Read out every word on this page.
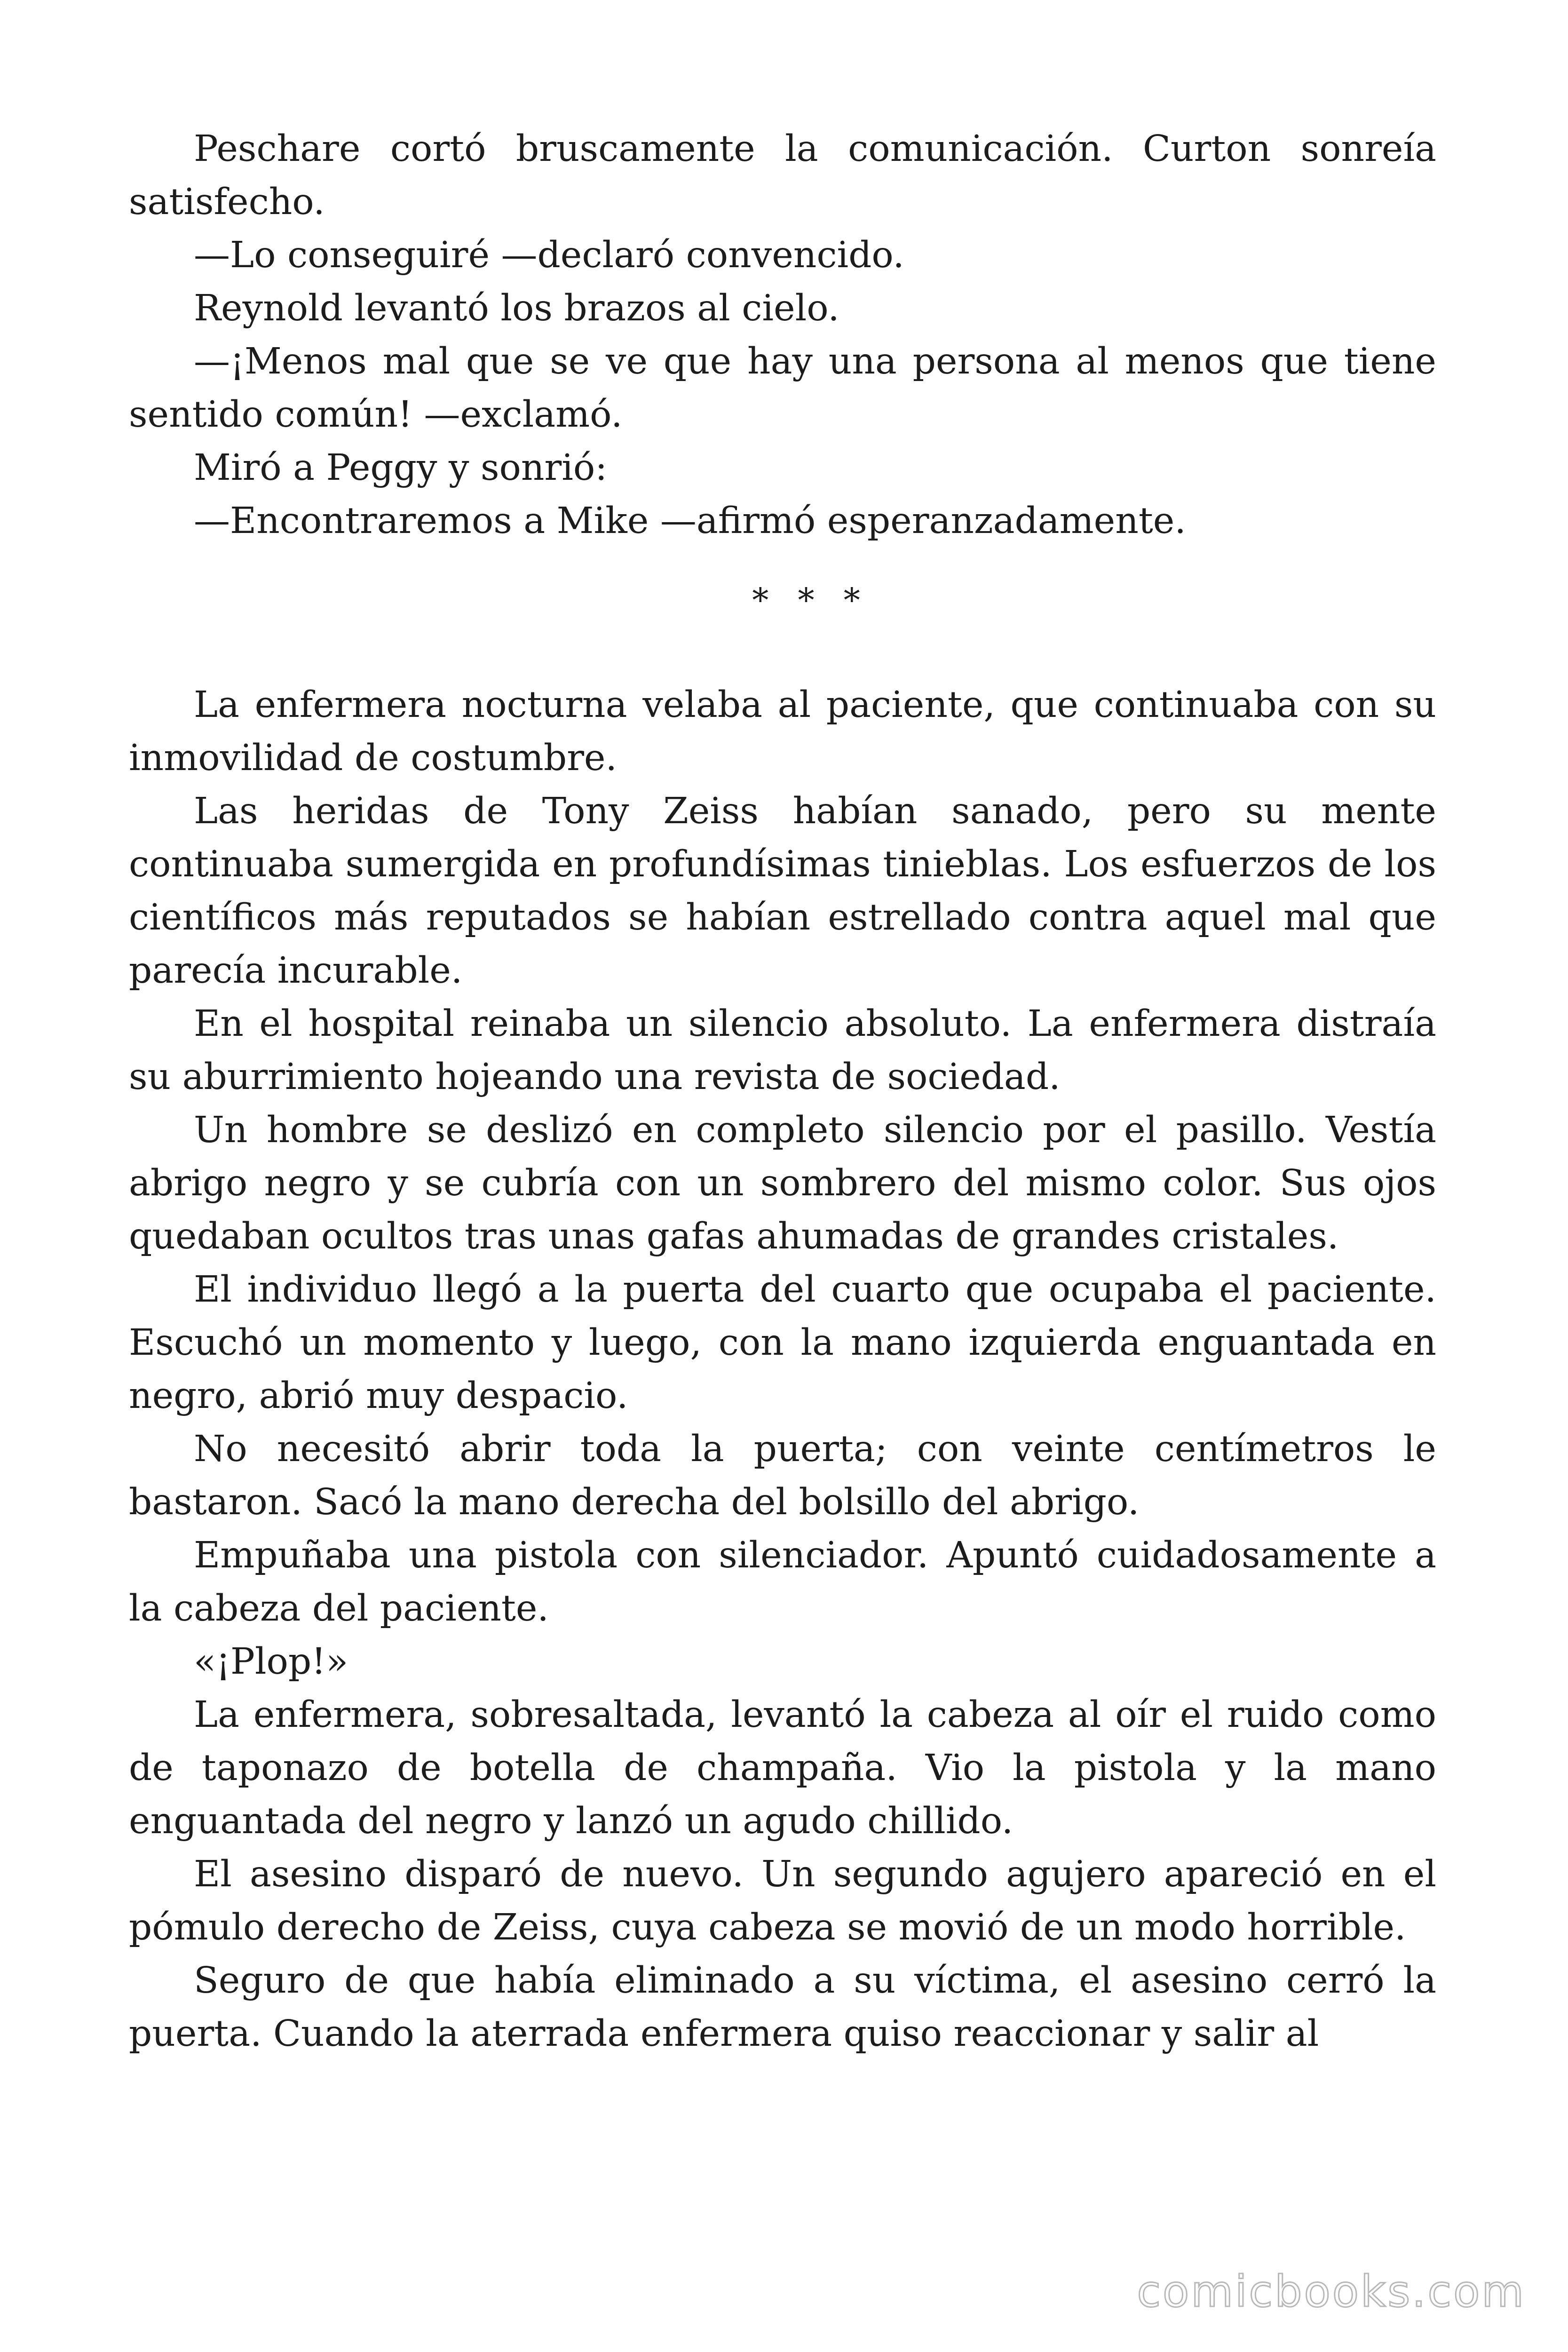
Peschare cortó bruscamente la comunicación. Curton sonreía satisfecho.

—Lo conseguiré —declaró convencido.

Reynold levantó los brazos al cielo.

—¡Menos mal que se ve que hay una persona al menos que tiene sentido común! —exclamó.

Miró a Peggy y sonrió:

—Encontraremos a Mike —afirmó esperanzadamente.

* * *

La enfermera nocturna velaba al paciente, que continuaba con su inmovilidad de costumbre.

Las heridas de Tony Zeiss habían sanado, pero su mente continuaba sumergida en profundísimas tinieblas. Los esfuerzos de los científicos más reputados se habían estrellado contra aquel mal que parecía incurable.

En el hospital reinaba un silencio absoluto. La enfermera distraía su aburrimiento hojeando una revista de sociedad.

Un hombre se deslizó en completo silencio por el pasillo. Vestía abrigo negro y se cubría con un sombrero del mismo color. Sus ojos quedaban ocultos tras unas gafas ahumadas de grandes cristales.

El individuo llegó a la puerta del cuarto que ocupaba el paciente. Escuchó un momento y luego, con la mano izquierda enguantada en negro, abrió muy despacio.

No necesitó abrir toda la puerta; con veinte centímetros le bastaron. Sacó la mano derecha del bolsillo del abrigo.

Empuñaba una pistola con silenciador. Apuntó cuidadosamente a la cabeza del paciente.

«¡Plop!»

La enfermera, sobresaltada, levantó la cabeza al oír el ruido como de taponazo de botella de champaña. Vio la pistola y la mano enguantada del negro y lanzó un agudo chillido.

El asesino disparó de nuevo. Un segundo agujero apareció en el pómulo derecho de Zeiss, cuya cabeza se movió de un modo horrible.

Seguro de que había eliminado a su víctima, el asesino cerró la puerta. Cuando la aterrada enfermera quiso reaccionar y salir al

comicbooks.com
